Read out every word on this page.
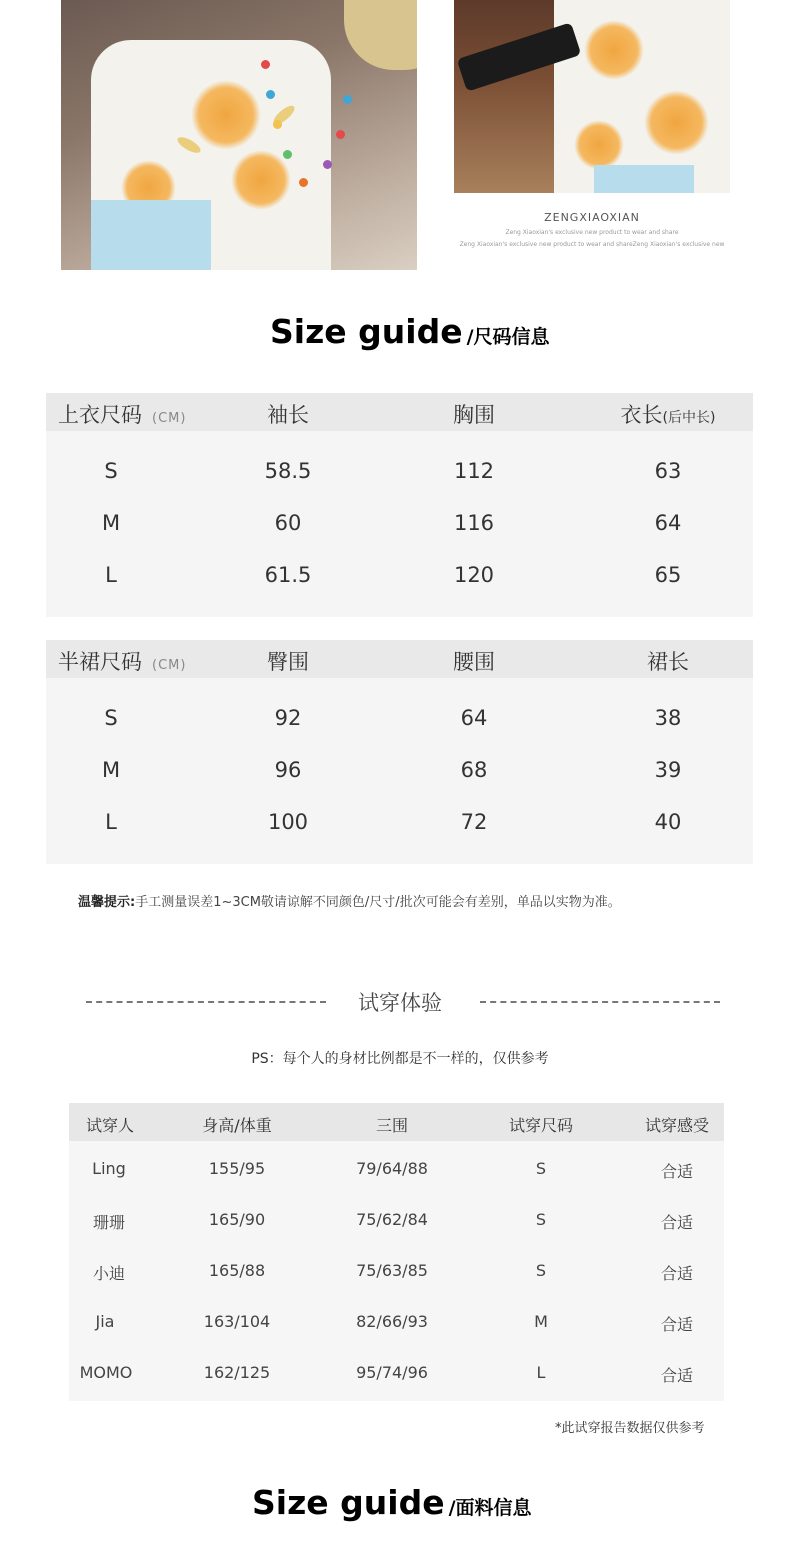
ZENGXIAOXIAN
Zeng Xiaoxian's exclusive new product to wear and share
Zeng Xiaoxian's exclusive new product to wear and shareZeng Xiaoxian's exclusive new
Size guide /尺码信息
上衣尺码 (CM)	袖长	胸围	衣长(后中长)
S	58.5	112	63
M	60	116	64
L	61.5	120	65
半裙尺码 (CM)	臀围	腰围	裙长
S	92	64	38
M	96	68	39
L	100	72	40
温馨提示:手工测量误差1~3CM敬请谅解不同颜色/尺寸/批次可能会有差别，单品以实物为准。
试穿体验
PS：每个人的身材比例都是不一样的，仅供参考
试穿人	身高/体重	三围	试穿尺码	试穿感受
Ling	155/95	79/64/88	S	合适
珊珊	165/90	75/62/84	S	合适
小迪	165/88	75/63/85	S	合适
Jia	163/104	82/66/93	M	合适
MOMO	162/125	95/74/96	L	合适
*此试穿报告数据仅供参考
Size guide /面料信息
